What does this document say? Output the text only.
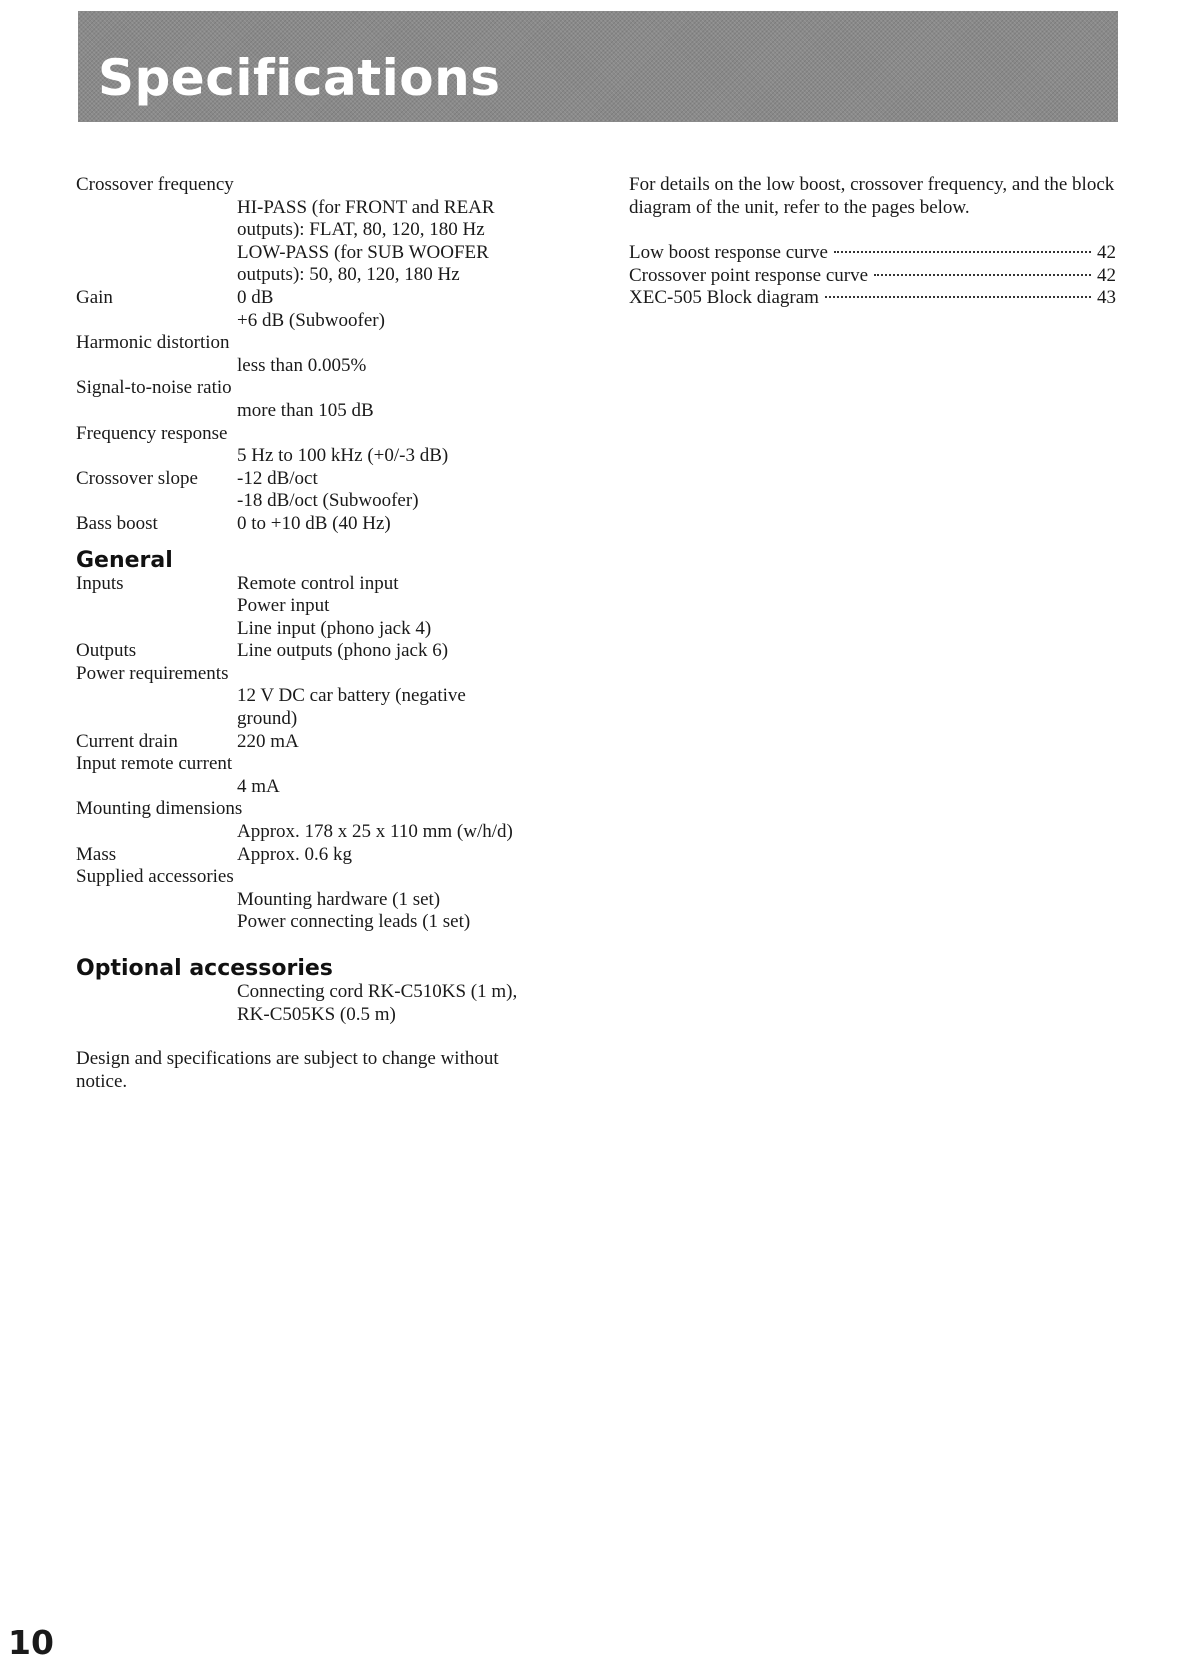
Specifications
Crossover frequency	

	HI-PASS (for FRONT and REAR
outputs): FLAT, 80, 120, 180 Hz
LOW-PASS (for SUB WOOFER
outputs): 50, 80, 120, 180 Hz

Gain	0 dB
+6 dB (Subwoofer)

Harmonic distortion	

	less than 0.005%

Signal-to-noise ratio	

	more than 105 dB

Frequency response	

	5 Hz to 100 kHz (+0/-3 dB)

Crossover slope	-12 dB/oct
-18 dB/oct (Subwoofer)

Bass boost	0 to +10 dB (40 Hz)
General
Inputs	Remote control input
Power input
Line input (phono jack 4)

Outputs	Line outputs (phono jack 6)

Power requirements	

	12 V DC car battery (negative
ground)

Current drain	220 mA

Input remote current	

	4 mA

Mounting dimensions	

	Approx. 178 x 25 x 110 mm (w/h/d)

Mass	Approx. 0.6 kg

Supplied accessories	

	Mounting hardware (1 set)
Power connecting leads (1 set)
Optional accessories

Connecting cord RK-C510KS (1 m),
RK-C505KS (0.5 m)

Design and specifications are subject to change without notice.

For details on the low boost, crossover frequency, and the block diagram of the unit, refer to the pages below.

Low boost response curve	42
Crossover point response curve	42
XEC-505 Block diagram	43

10
